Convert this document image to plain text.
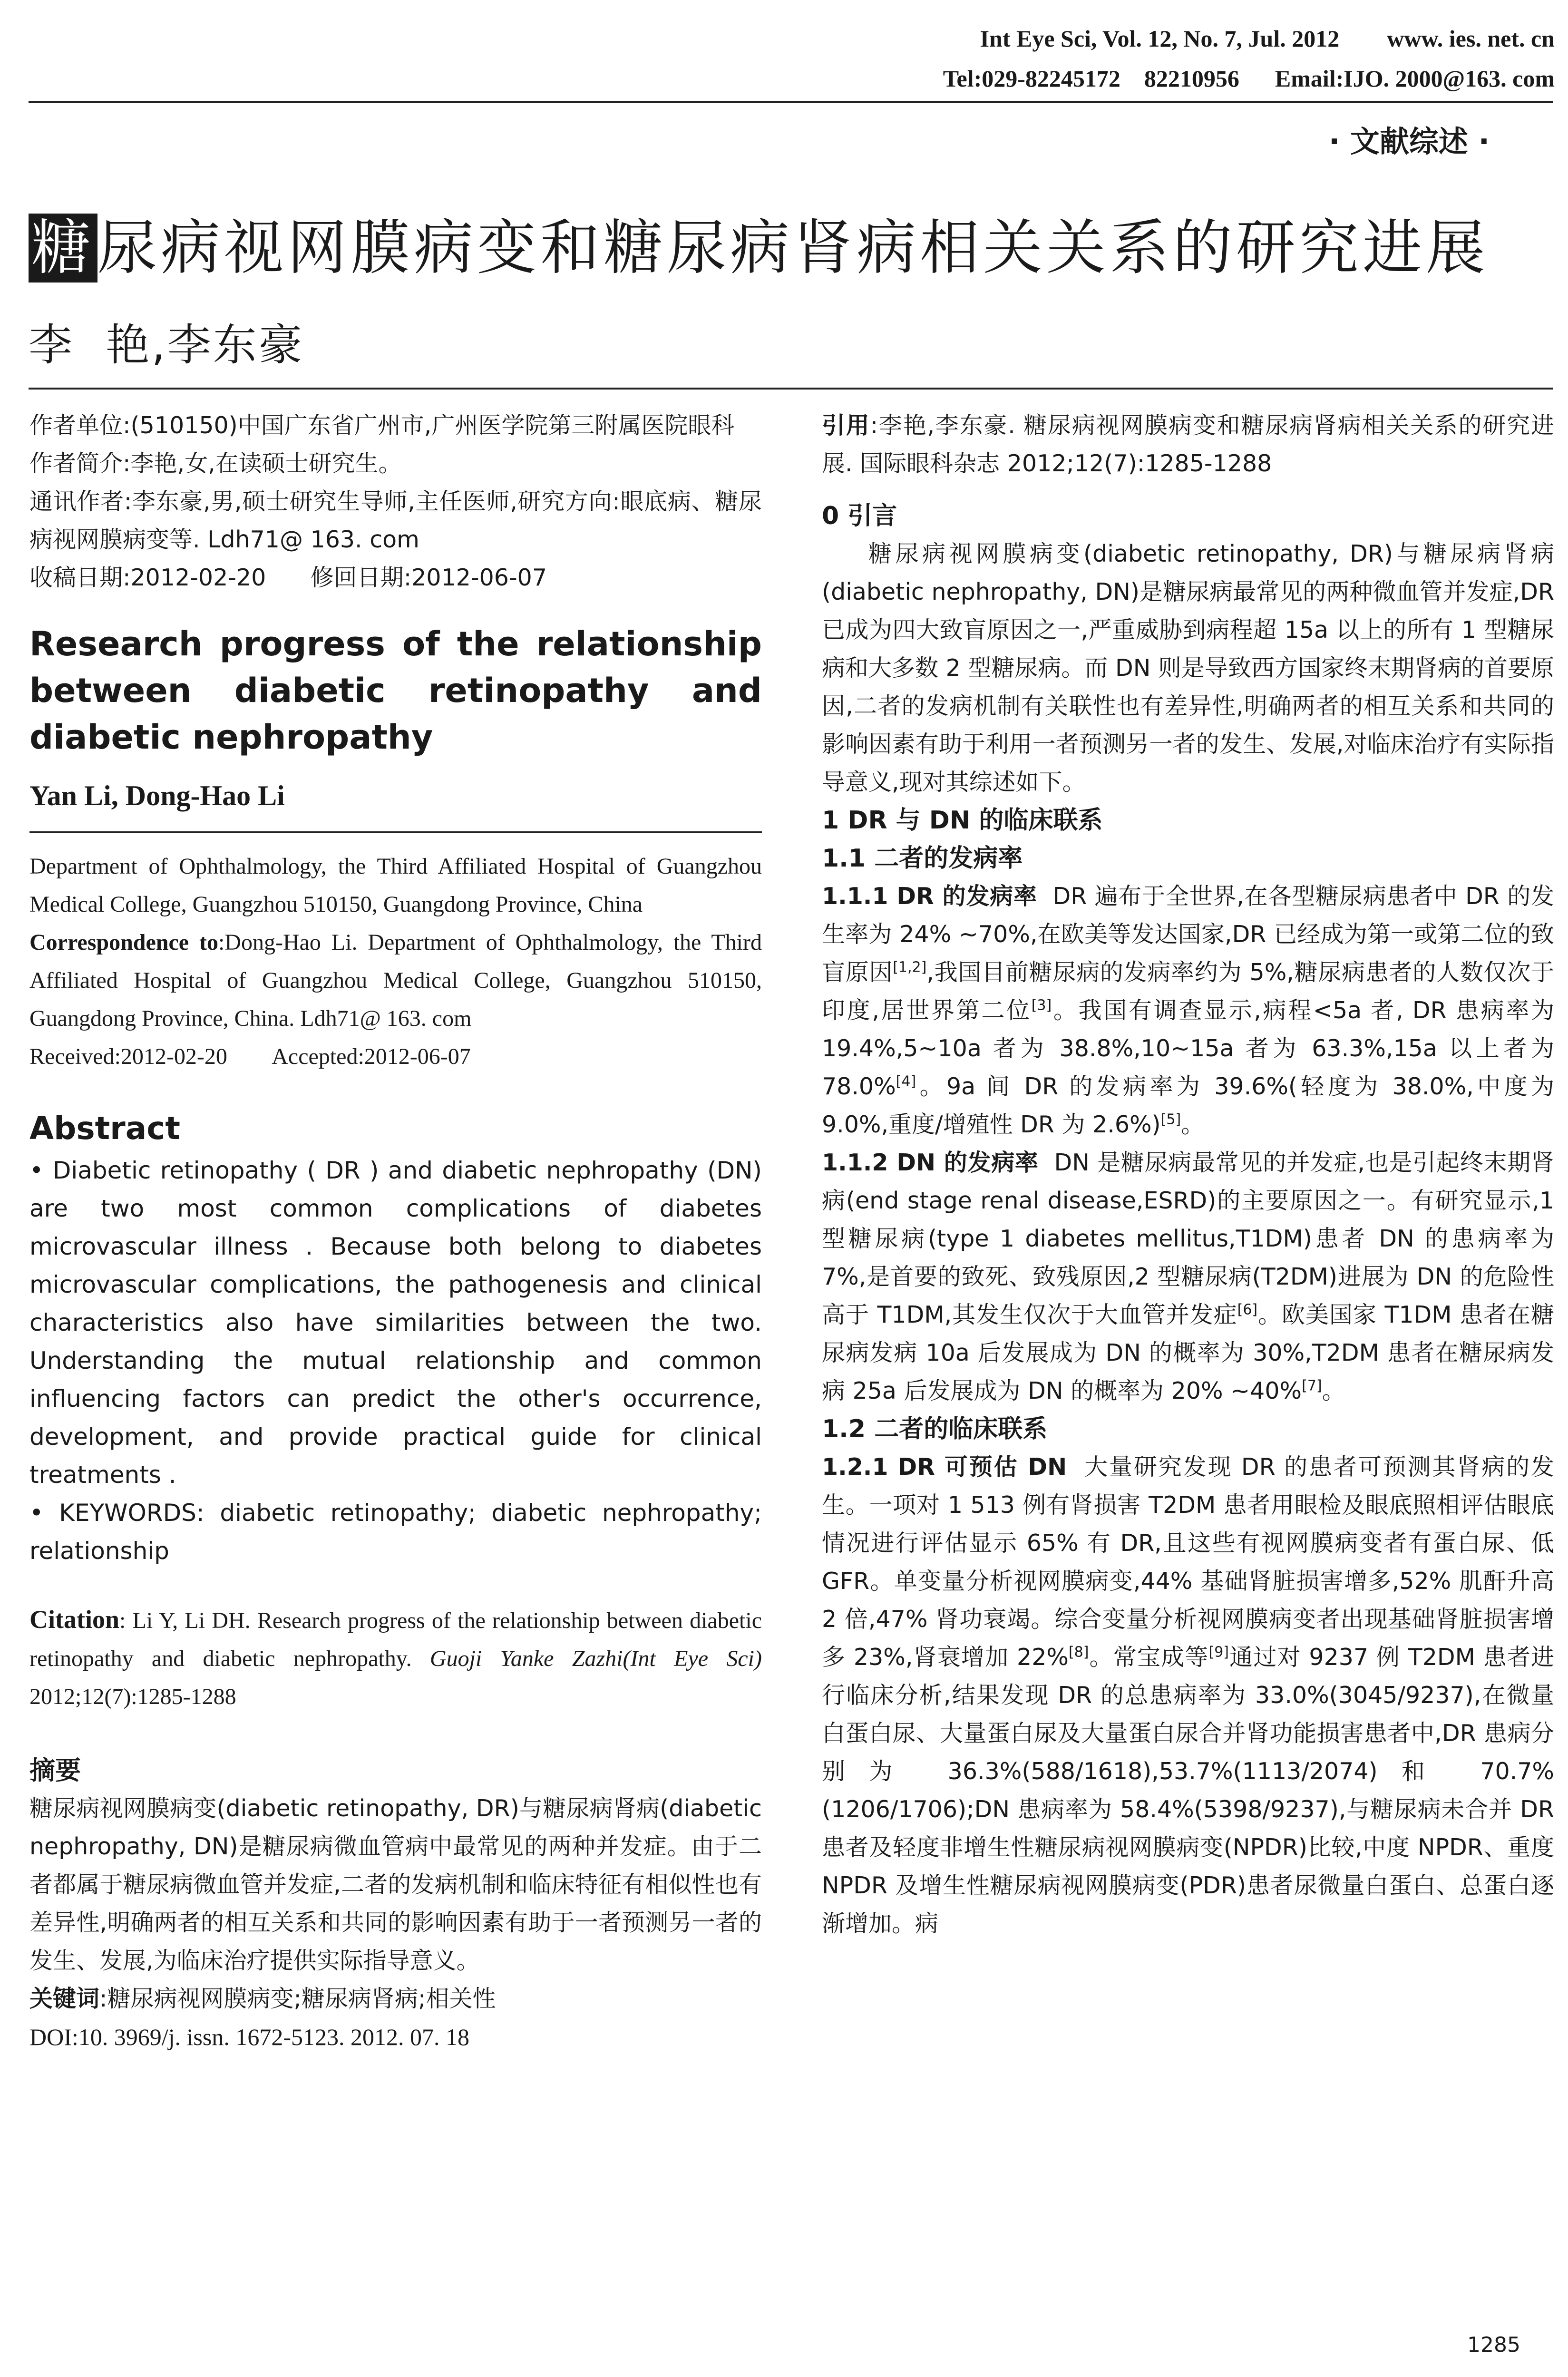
Int Eye Sci, Vol. 12, No. 7, Jul. 2012        www. ies. net. cn
Tel:029-82245172    82210956      Email:IJO. 2000@163. com
· 文献综述 ·
糖尿病视网膜病变和糖尿病肾病相关关系的研究进展
李  艳,李东豪

作者单位:(510150)中国广东省广州市,广州医学院第三附属医院眼科

作者简介:李艳,女,在读硕士研究生。

通讯作者:李东豪,男,硕士研究生导师,主任医师,研究方向:眼底病、糖尿病视网膜病变等. Ldh71@ 163. com

收稿日期:2012-02-20      修回日期:2012-06-07

Research progress of the relationship between diabetic retinopathy and diabetic nephropathy
Yan Li, Dong-Hao Li

Department of Ophthalmology, the Third Affiliated Hospital of Guangzhou Medical College, Guangzhou 510150, Guangdong Province, China

Correspondence to:Dong-Hao Li. Department of Ophthalmology, the Third Affiliated Hospital of Guangzhou Medical College, Guangzhou 510150, Guangdong Province, China. Ldh71@ 163. com

Received:2012-02-20        Accepted:2012-06-07

Abstract

• Diabetic retinopathy ( DR ) and diabetic nephropathy (DN) are two most common complications of diabetes microvascular illness . Because both belong to diabetes microvascular complications, the pathogenesis and clinical characteristics also have similarities between the two. Understanding the mutual relationship and common influencing factors can predict the other's occurrence, development, and provide practical guide for clinical treatments .

• KEYWORDS: diabetic retinopathy; diabetic nephropathy; relationship

Citation: Li Y, Li DH. Research progress of the relationship between diabetic retinopathy and diabetic nephropathy. Guoji Yanke Zazhi(Int Eye Sci) 2012;12(7):1285-1288

摘要

糖尿病视网膜病变(diabetic retinopathy, DR)与糖尿病肾病(diabetic nephropathy, DN)是糖尿病微血管病中最常见的两种并发症。由于二者都属于糖尿病微血管并发症,二者的发病机制和临床特征有相似性也有差异性,明确两者的相互关系和共同的影响因素有助于一者预测另一者的发生、发展,为临床治疗提供实际指导意义。

关键词:糖尿病视网膜病变;糖尿病肾病;相关性

DOI:10. 3969/j. issn. 1672-5123. 2012. 07. 18

引用:李艳,李东豪. 糖尿病视网膜病变和糖尿病肾病相关关系的研究进展. 国际眼科杂志 2012;12(7):1285-1288

0 引言

糖尿病视网膜病变(diabetic retinopathy, DR)与糖尿病肾病(diabetic nephropathy, DN)是糖尿病最常见的两种微血管并发症,DR 已成为四大致盲原因之一,严重威胁到病程超 15a 以上的所有 1 型糖尿病和大多数 2 型糖尿病。而 DN 则是导致西方国家终末期肾病的首要原因,二者的发病机制有关联性也有差异性,明确两者的相互关系和共同的影响因素有助于利用一者预测另一者的发生、发展,对临床治疗有实际指导意义,现对其综述如下。

1 DR 与 DN 的临床联系

1.1 二者的发病率

1.1.1 DR 的发病率 DR 遍布于全世界,在各型糖尿病患者中 DR 的发生率为 24% ~70%,在欧美等发达国家,DR 已经成为第一或第二位的致盲原因[1,2],我国目前糖尿病的发病率约为 5%,糖尿病患者的人数仅次于印度,居世界第二位[3]。我国有调查显示,病程<5a 者, DR 患病率为 19.4%,5~10a 者为 38.8%,10~15a 者为 63.3%,15a 以上者为 78.0%[4]。9a 间 DR 的发病率为 39.6%(轻度为 38.0%,中度为 9.0%,重度/增殖性 DR 为 2.6%)[5]。

1.1.2 DN 的发病率 DN 是糖尿病最常见的并发症,也是引起终末期肾病(end stage renal disease,ESRD)的主要原因之一。有研究显示,1 型糖尿病(type 1 diabetes mellitus,T1DM)患者 DN 的患病率为 7%,是首要的致死、致残原因,2 型糖尿病(T2DM)进展为 DN 的危险性高于 T1DM,其发生仅次于大血管并发症[6]。欧美国家 T1DM 患者在糖尿病发病 10a 后发展成为 DN 的概率为 30%,T2DM 患者在糖尿病发病 25a 后发展成为 DN 的概率为 20% ~40%[7]。

1.2 二者的临床联系

1.2.1 DR 可预估 DN 大量研究发现 DR 的患者可预测其肾病的发生。一项对 1 513 例有肾损害 T2DM 患者用眼检及眼底照相评估眼底情况进行评估显示 65% 有 DR,且这些有视网膜病变者有蛋白尿、低 GFR。单变量分析视网膜病变,44% 基础肾脏损害增多,52% 肌酐升高 2 倍,47% 肾功衰竭。综合变量分析视网膜病变者出现基础肾脏损害增多 23%,肾衰增加 22%[8]。常宝成等[9]通过对 9237 例 T2DM 患者进行临床分析,结果发现 DR 的总患病率为 33.0%(3045/9237),在微量白蛋白尿、大量蛋白尿及大量蛋白尿合并肾功能损害患者中,DR 患病分别为 36.3%(588/1618),53.7%(1113/2074)和 70.7%(1206/1706);DN 患病率为 58.4%(5398/9237),与糖尿病未合并 DR 患者及轻度非增生性糖尿病视网膜病变(NPDR)比较,中度 NPDR、重度 NPDR 及增生性糖尿病视网膜病变(PDR)患者尿微量白蛋白、总蛋白逐渐增加。病

1285
